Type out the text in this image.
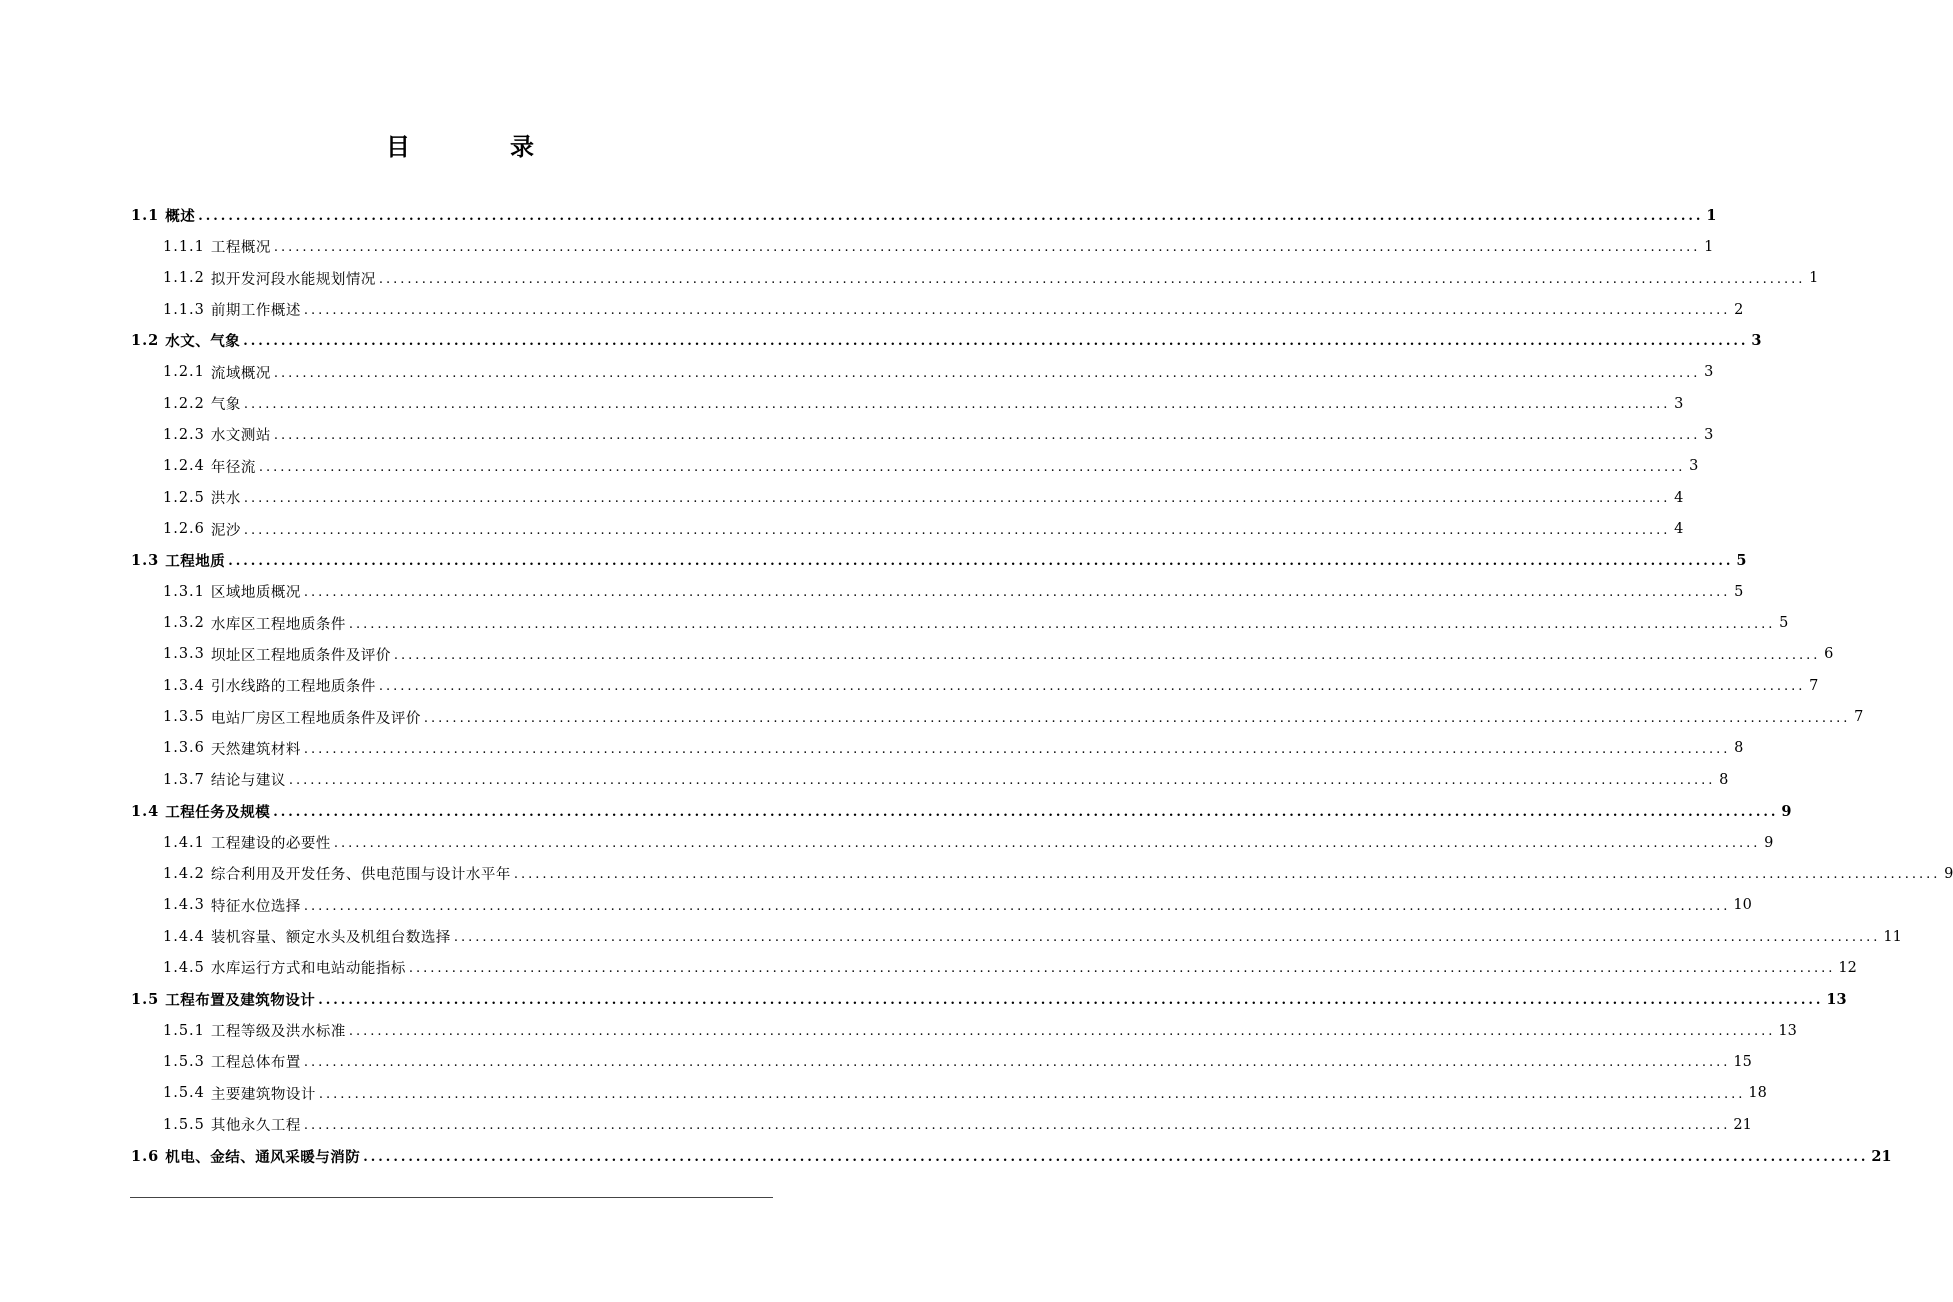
目　录
1.1 概述 ........................................................................................................................................................................................................ 1
1.1.1 工程概况 ........................................................................................................................................................................................................ 1
1.1.2 拟开发河段水能规划情况 ........................................................................................................................................................................................................ 1
1.1.3 前期工作概述 ........................................................................................................................................................................................................ 2
1.2 水文、气象 ........................................................................................................................................................................................................ 3
1.2.1 流域概况 ........................................................................................................................................................................................................ 3
1.2.2 气象 ........................................................................................................................................................................................................ 3
1.2.3 水文测站 ........................................................................................................................................................................................................ 3
1.2.4 年径流 ........................................................................................................................................................................................................ 3
1.2.5 洪水 ........................................................................................................................................................................................................ 4
1.2.6 泥沙 ........................................................................................................................................................................................................ 4
1.3 工程地质 ........................................................................................................................................................................................................ 5
1.3.1 区域地质概况 ........................................................................................................................................................................................................ 5
1.3.2 水库区工程地质条件 ........................................................................................................................................................................................................ 5
1.3.3 坝址区工程地质条件及评价 ........................................................................................................................................................................................................ 6
1.3.4 引水线路的工程地质条件 ........................................................................................................................................................................................................ 7
1.3.5 电站厂房区工程地质条件及评价 ........................................................................................................................................................................................................ 7
1.3.6 天然建筑材料 ........................................................................................................................................................................................................ 8
1.3.7 结论与建议 ........................................................................................................................................................................................................ 8
1.4 工程任务及规模 ........................................................................................................................................................................................................ 9
1.4.1 工程建设的必要性 ........................................................................................................................................................................................................ 9
1.4.2 综合利用及开发任务、供电范围与设计水平年 ........................................................................................................................................................................................................ 9
1.4.3 特征水位选择 ........................................................................................................................................................................................................ 10
1.4.4 装机容量、额定水头及机组台数选择 ........................................................................................................................................................................................................ 11
1.4.5 水库运行方式和电站动能指标 ........................................................................................................................................................................................................ 12
1.5 工程布置及建筑物设计 ........................................................................................................................................................................................................ 13
1.5.1 工程等级及洪水标准 ........................................................................................................................................................................................................ 13
1.5.3 工程总体布置 ........................................................................................................................................................................................................ 15
1.5.4 主要建筑物设计 ........................................................................................................................................................................................................ 18
1.5.5 其他永久工程 ........................................................................................................................................................................................................ 21
1.6 机电、金结、通风采暖与消防 ........................................................................................................................................................................................................ 21
